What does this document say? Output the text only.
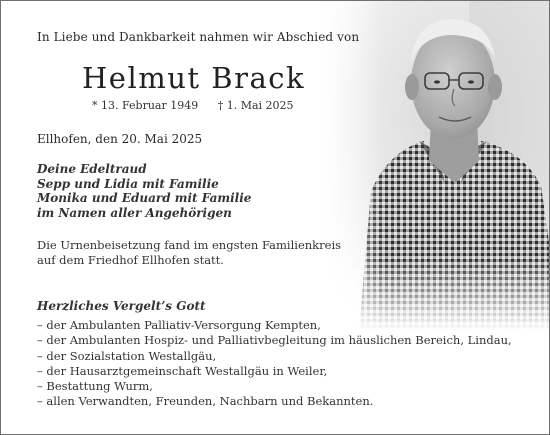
In Liebe und Dankbarkeit nahmen wir Abschied von
Helmut Brack
* 13. Februar 1949 † 1. Mai 2025
Ellhofen, den 20. Mai 2025
Deine Edeltraud
Sepp und Lidia mit Familie
Monika und Eduard mit Familie
im Namen aller Angehörigen
Die Urnenbeisetzung fand im engsten Familienkreis
auf dem Friedhof Ellhofen statt.
Herzliches Vergelt’s Gott
– der Ambulanten Palliativ-Versorgung Kempten,
– der Ambulanten Hospiz- und Palliativbegleitung im häuslichen Bereich, Lindau,
– der Sozialstation Westallgäu,
– der Hausarztgemeinschaft Westallgäu in Weiler,
– Bestattung Wurm,
– allen Verwandten, Freunden, Nachbarn und Bekannten.
